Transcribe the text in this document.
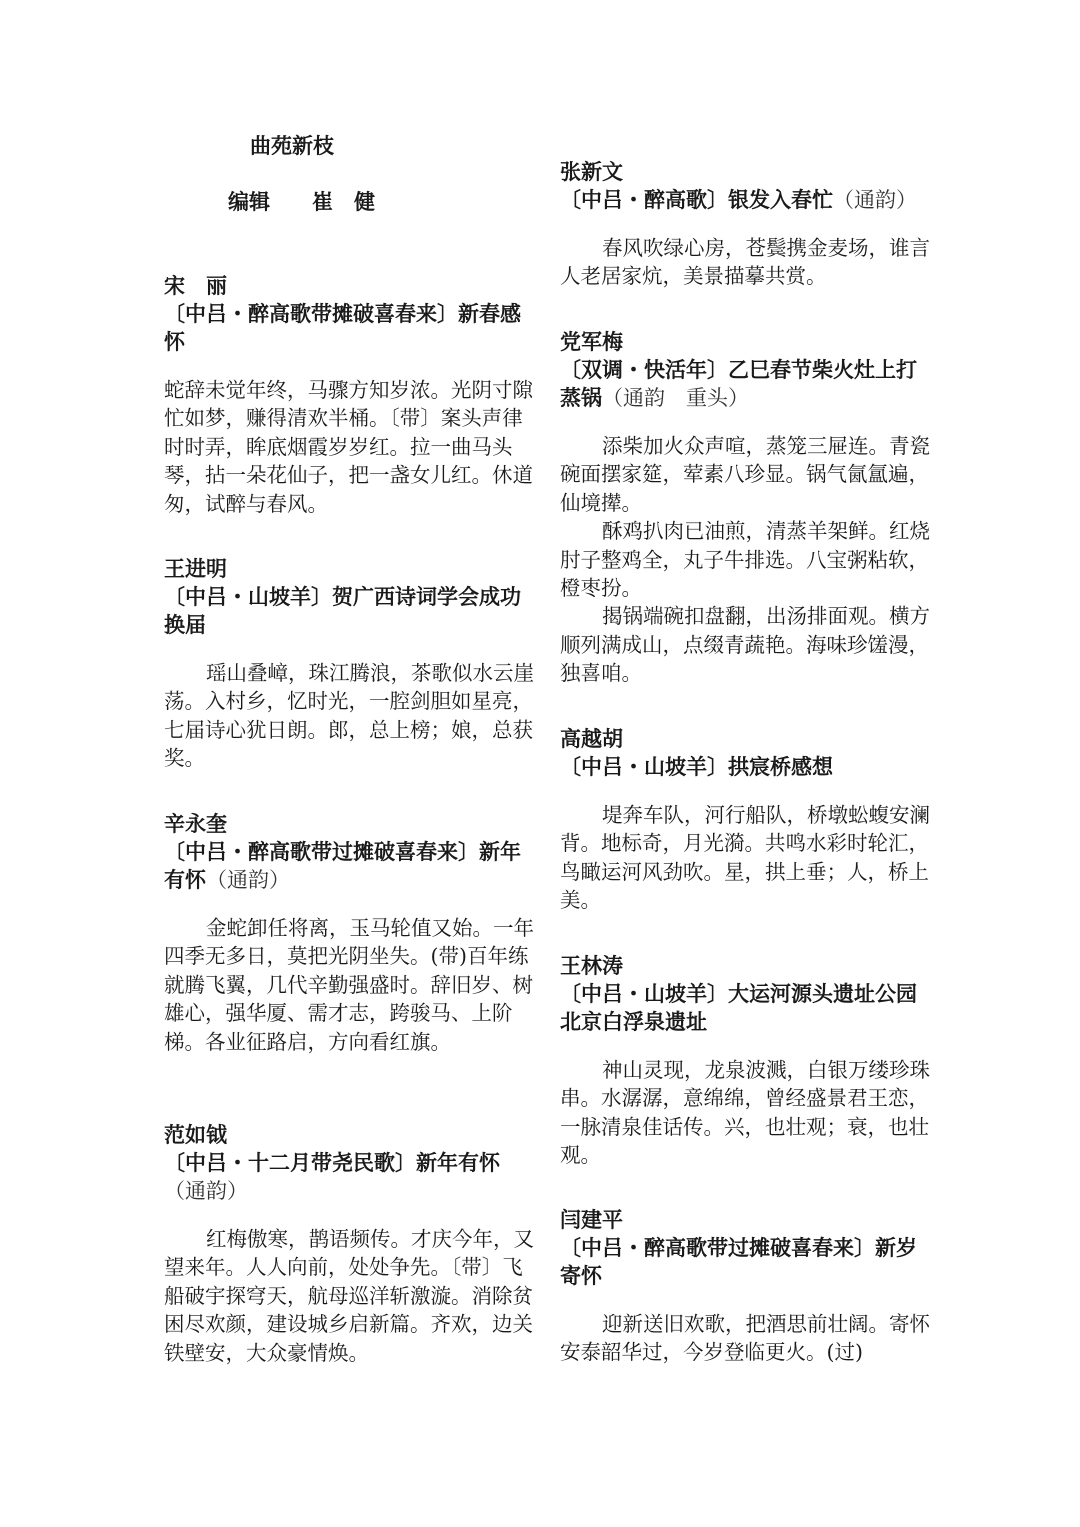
曲苑新枝
编辑　　崔　健
宋　丽
〔中吕・醉高歌带摊破喜春来〕新春感怀

蛇辞未觉年终，马骤方知岁浓。光阴寸隙忙如梦，赚得清欢半桶。〔带〕案头声律时时弄，眸底烟霞岁岁红。拉一曲马头琴，拈一朵花仙子，把一盏女儿红。休道匆，试醉与春风。

王进明
〔中吕・山坡羊〕贺广西诗词学会成功换届

瑶山叠嶂，珠江腾浪，茶歌似水云崖荡。入村乡，忆时光，一腔剑胆如星亮，七届诗心犹日朗。郎，总上榜；娘，总获奖。

辛永奎
〔中吕・醉高歌带过摊破喜春来〕新年有怀（通韵）

金蛇卸任将离，玉马轮值又始。一年四季无多日，莫把光阴坐失。(带)百年练就腾飞翼，几代辛勤强盛时。辞旧岁、树雄心，强华厦、需才志，跨骏马、上阶梯。各业征路启，方向看红旗。

范如钺
〔中吕・十二月带尧民歌〕新年有怀（通韵）

红梅傲寒，鹊语频传。才庆今年，又望来年。人人向前，处处争先。〔带〕飞船破宇探穹天，航母巡洋斩激漩。消除贫困尽欢颜，建设城乡启新篇。齐欢，边关铁壁安，大众豪情焕。

张新文
〔中吕・醉高歌〕银发入春忙（通韵）

春风吹绿心房，苍鬓携金麦场，谁言人老居家炕，美景描摹共赏。

党军梅
〔双调・快活年〕乙巳春节柴火灶上打蒸锅（通韵　重头）

添柴加火众声喧，蒸笼三屉连。青瓷碗面摆家筵，荤素八珍显。锅气氤氲遍，仙境撵。

酥鸡扒肉已油煎，清蒸羊架鲜。红烧肘子整鸡全，丸子牛排选。八宝粥粘软，橙枣扮。

揭锅端碗扣盘翻，出汤排面观。横方顺列满成山，点缀青蔬艳。海味珍馐漫，独喜咱。

高越胡
〔中吕・山坡羊〕拱宸桥感想

堤奔车队，河行船队，桥墩蚣蝮安澜背。地标奇，月光漪。共鸣水彩时轮汇，鸟瞰运河风劲吹。星，拱上垂；人，桥上美。

王林涛
〔中吕・山坡羊〕大运河源头遗址公园北京白浮泉遗址

神山灵现，龙泉波溅，白银万缕珍珠串。水潺潺，意绵绵，曾经盛景君王恋，一脉清泉佳话传。兴，也壮观；衰，也壮观。

闫建平
〔中吕・醉高歌带过摊破喜春来〕新岁寄怀

迎新送旧欢歌，把酒思前壮阔。寄怀安泰韶华过，今岁登临更火。(过)
